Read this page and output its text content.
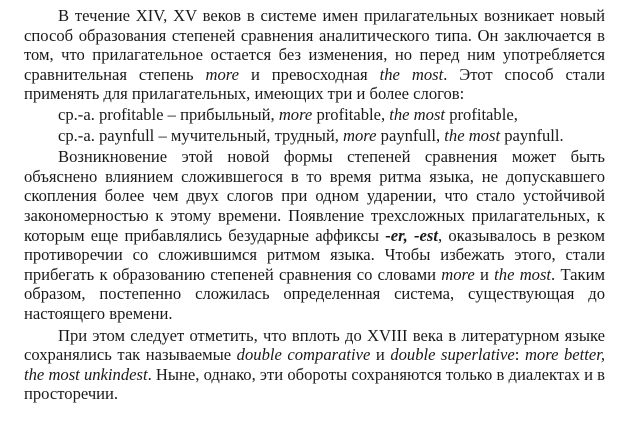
В течение XIV, XV веков в системе имен прилагательных возникает новый способ образования степеней сравнения аналитического типа. Он заключается в том, что прилагательное остается без изменения, но перед ним употребляется сравнительная степень more и превосходная the most. Этот способ стали применять для прилагательных, имеющих три и более слогов:

ср.-а. profitable – прибыльный, more profitable, the most profitable,

ср.-а. paynfull – мучительный, трудный, more paynfull, the most paynfull.

Возникновение этой новой формы степеней сравнения может быть объяснено влиянием сложившегося в то время ритма языка, не допускавшего скопления более чем двух слогов при одном ударении, что стало устойчивой закономерностью к этому времени. Появление трехсложных прилагательных, к которым еще прибавлялись безударные аффиксы -er, -est, оказывалось в резком противоречии со сложившимся ритмом языка. Чтобы избежать этого, стали прибегать к образованию степеней сравнения со словами more и the most. Таким образом, постепенно сложилась определенная система, существующая до настоящего времени.

При этом следует отметить, что вплоть до XVIII века в литературном языке сохранялись так называемые double comparative и double superlative: more better, the most unkindest. Ныне, однако, эти обороты сохраняются только в диалектах и в просторечии.
